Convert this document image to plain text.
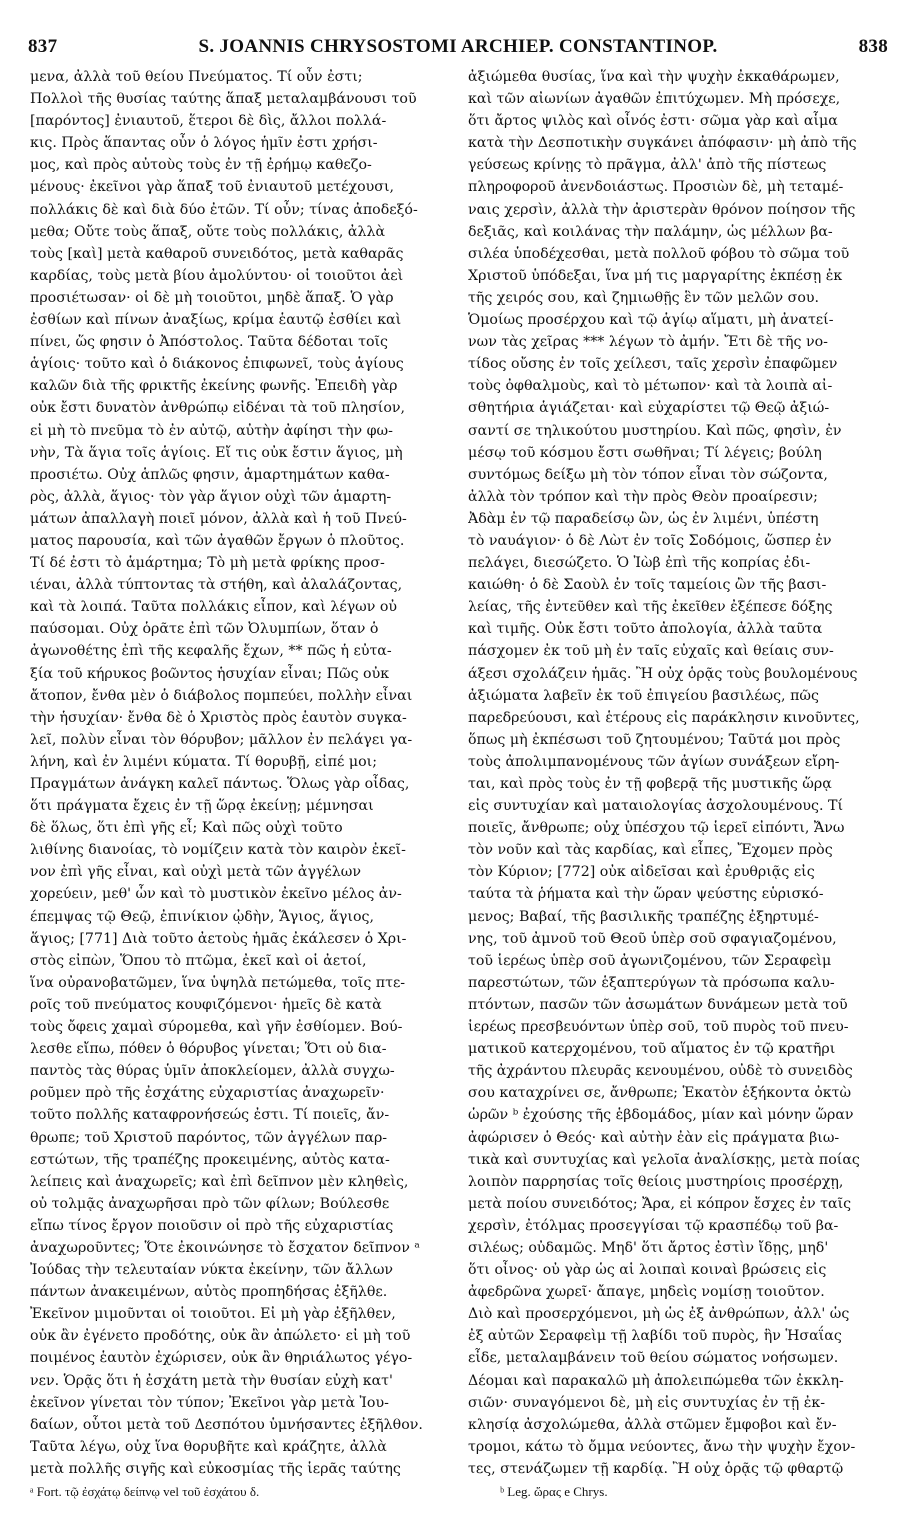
837	S. JOANNIS CHRYSOSTOMI ARCHIEP. CONSTANTINOP.	838
μενα, ἀλλὰ τοῦ θείου Πνεύματος. Τί οὖν ἐστι;
Πολλοὶ τῆς θυσίας ταύτης ἅπαξ μεταλαμβάνουσι τοῦ
[παρόντος] ἐνιαυτοῦ, ἕτεροι δὲ δὶς, ἄλλοι πολλά-
κις. Πρὸς ἅπαντας οὖν ὁ λόγος ἡμῖν ἐστι χρήσι-
μος, καὶ πρὸς αὐτοὺς τοὺς ἐν τῇ ἐρήμῳ καθεζο-
μένους· ἐκεῖνοι γὰρ ἅπαξ τοῦ ἐνιαυτοῦ μετέχουσι,
πολλάκις δὲ καὶ διὰ δύο ἐτῶν. Τί οὖν; τίνας ἀποδεξό-
μεθα; Οὔτε τοὺς ἅπαξ, οὔτε τοὺς πολλάκις, ἀλλὰ
τοὺς [καὶ] μετὰ καθαροῦ συνειδότος, μετὰ καθαρᾶς
καρδίας, τοὺς μετὰ βίου ἀμολύντου· οἱ τοιοῦτοι ἀεὶ
προσιέτωσαν· οἱ δὲ μὴ τοιοῦτοι, μηδὲ ἅπαξ. Ὁ γὰρ
ἐσθίων καὶ πίνων ἀναξίως, κρίμα ἑαυτῷ ἐσθίει καὶ
πίνει, ὥς φησιν ὁ Ἀπόστολος. Ταῦτα δέδοται τοῖς
ἁγίοις· τοῦτο καὶ ὁ διάκονος ἐπιφωνεῖ, τοὺς ἁγίους
καλῶν διὰ τῆς φρικτῆς ἐκείνης φωνῆς. Ἐπειδὴ γὰρ
οὐκ ἔστι δυνατὸν ἀνθρώπῳ εἰδέναι τὰ τοῦ πλησίον,
εἰ μὴ τὸ πνεῦμα τὸ ἐν αὐτῷ, αὐτὴν ἀφίησι τὴν φω-
νὴν, Τὰ ἅγια τοῖς ἁγίοις. Εἴ τις οὐκ ἔστιν ἅγιος, μὴ
προσιέτω. Οὐχ ἁπλῶς φησιν, ἁμαρτημάτων καθα-
ρὸς, ἀλλὰ, ἅγιος· τὸν γὰρ ἅγιον οὐχὶ τῶν ἁμαρτη-
μάτων ἀπαλλαγὴ ποιεῖ μόνον, ἀλλὰ καὶ ἡ τοῦ Πνεύ-
ματος παρουσία, καὶ τῶν ἀγαθῶν ἔργων ὁ πλοῦτος.
Τί δέ ἐστι τὸ ἁμάρτημα; Τὸ μὴ μετὰ φρίκης προσ-
ιέναι, ἀλλὰ τύπτοντας τὰ στήθη, καὶ ἀλαλάζοντας,
καὶ τὰ λοιπά. Ταῦτα πολλάκις εἶπον, καὶ λέγων οὐ
παύσομαι. Οὐχ ὁρᾶτε ἐπὶ τῶν Ὀλυμπίων, ὅταν ὁ
ἀγωνοθέτης ἐπὶ τῆς κεφαλῆς ἔχων, ** πῶς ἡ εὐτα-
ξία τοῦ κήρυκος βοῶντος ἡσυχίαν εἶναι; Πῶς οὐκ
ἄτοπον, ἔνθα μὲν ὁ διάβολος πομπεύει, πολλὴν εἶναι
τὴν ἡσυχίαν· ἔνθα δὲ ὁ Χριστὸς πρὸς ἑαυτὸν συγκα-
λεῖ, πολὺν εἶναι τὸν θόρυβον; μᾶλλον ἐν πελάγει γα-
λήνη, καὶ ἐν λιμένι κύματα. Τί θορυβῇ, εἰπέ μοι;
Πραγμάτων ἀνάγκη καλεῖ πάντως. Ὅλως γὰρ οἶδας,
ὅτι πράγματα ἔχεις ἐν τῇ ὥρᾳ ἐκείνῃ; μέμνησαι
δὲ ὅλως, ὅτι ἐπὶ γῆς εἶ; Καὶ πῶς οὐχὶ τοῦτο
λιθίνης διανοίας, τὸ νομίζειν κατὰ τὸν καιρὸν ἐκεῖ-
νον ἐπὶ γῆς εἶναι, καὶ οὐχὶ μετὰ τῶν ἀγγέλων
χορεύειν, μεθ' ὧν καὶ τὸ μυστικὸν ἐκεῖνο μέλος ἀν-
έπεμψας τῷ Θεῷ, ἐπινίκιον ᾠδὴν, Ἅγιος, ἅγιος,
ἅγιος; [771] Διὰ τοῦτο ἀετοὺς ἡμᾶς ἐκάλεσεν ὁ Χρι-
στὸς εἰπὼν, Ὅπου τὸ πτῶμα, ἐκεῖ καὶ οἱ ἀετοί,
ἵνα οὐρανοβατῶμεν, ἵνα ὑψηλὰ πετώμεθα, τοῖς πτε-
ροῖς τοῦ πνεύματος κουφιζόμενοι· ἡμεῖς δὲ κατὰ
τοὺς ὄφεις χαμαὶ σύρομεθα, καὶ γῆν ἐσθίομεν. Βού-
λεσθε εἴπω, πόθεν ὁ θόρυβος γίνεται; Ὅτι οὐ δια-
παντὸς τὰς θύρας ὑμῖν ἀποκλείομεν, ἀλλὰ συγχω-
ροῦμεν πρὸ τῆς ἐσχάτης εὐχαριστίας ἀναχωρεῖν·
τοῦτο πολλῆς καταφρονήσεώς ἐστι. Τί ποιεῖς, ἄν-
θρωπε; τοῦ Χριστοῦ παρόντος, τῶν ἀγγέλων παρ-
εστώτων, τῆς τραπέζης προκειμένης, αὐτὸς κατα-
λείπεις καὶ ἀναχωρεῖς; καὶ ἐπὶ δεῖπνον μὲν κληθεὶς,
οὐ τολμᾷς ἀναχωρῆσαι πρὸ τῶν φίλων; Βούλεσθε
εἴπω τίνος ἔργον ποιοῦσιν οἱ πρὸ τῆς εὐχαριστίας
ἀναχωροῦντες; Ὅτε ἐκοινώνησε τὸ ἔσχατον δεῖπνον ᵃ
Ἰούδας τὴν τελευταίαν νύκτα ἐκείνην, τῶν ἄλλων
πάντων ἀνακειμένων, αὐτὸς προπηδήσας ἐξῆλθε.
Ἐκεῖνον μιμοῦνται οἱ τοιοῦτοι. Εἰ μὴ γὰρ ἐξῆλθεν,
οὐκ ἂν ἐγένετο προδότης, οὐκ ἂν ἀπώλετο· εἰ μὴ τοῦ
ποιμένος ἑαυτὸν ἐχώρισεν, οὐκ ἂν θηριάλωτος γέγο-
νεν. Ὁρᾷς ὅτι ἡ ἐσχάτη μετὰ τὴν θυσίαν εὐχὴ κατ'
ἐκεῖνον γίνεται τὸν τύπον; Ἐκεῖνοι γὰρ μετὰ Ἰου-
δαίων, οὗτοι μετὰ τοῦ Δεσπότου ὑμνήσαντες ἐξῆλθον.
Ταῦτα λέγω, οὐχ ἵνα θορυβῆτε καὶ κράζητε, ἀλλὰ
μετὰ πολλῆς σιγῆς καὶ εὐκοσμίας τῆς ἱερᾶς ταύτης
ἀξιώμεθα θυσίας, ἵνα καὶ τὴν ψυχὴν ἐκκαθάρωμεν,
καὶ τῶν αἰωνίων ἀγαθῶν ἐπιτύχωμεν. Μὴ πρόσεχε,
ὅτι ἄρτος ψιλὸς καὶ οἶνός ἐστι· σῶμα γὰρ καὶ αἷμα
κατὰ τὴν Δεσποτικὴν συγκάνει ἀπόφασιν· μὴ ἀπὸ τῆς
γεύσεως κρίνῃς τὸ πρᾶγμα, ἀλλ' ἀπὸ τῆς πίστεως
πληροφοροῦ ἀνενδοιάστως. Προσιὼν δὲ, μὴ τεταμέ-
ναις χερσὶν, ἀλλὰ τὴν ἀριστερὰν θρόνον ποίησον τῆς
δεξιᾶς, καὶ κοιλάνας τὴν παλάμην, ὡς μέλλων βα-
σιλέα ὑποδέχεσθαι, μετὰ πολλοῦ φόβου τὸ σῶμα τοῦ
Χριστοῦ ὑπόδεξαι, ἵνα μή τις μαργαρίτης ἐκπέσῃ ἐκ
τῆς χειρός σου, καὶ ζημιωθῇς ἓν τῶν μελῶν σου.
Ὁμοίως προσέρχου καὶ τῷ ἁγίῳ αἵματι, μὴ ἀνατεί-
νων τὰς χεῖρας *** λέγων τὸ ἀμήν. Ἔτι δὲ τῆς νο-
τίδος οὔσης ἐν τοῖς χείλεσι, ταῖς χερσὶν ἐπαφῶμεν
τοὺς ὀφθαλμοὺς, καὶ τὸ μέτωπον· καὶ τὰ λοιπὰ αἰ-
σθητήρια ἁγιάζεται· καὶ εὐχαρίστει τῷ Θεῷ ἀξιώ-
σαντί σε τηλικούτου μυστηρίου. Καὶ πῶς, φησὶν, ἐν
μέσῳ τοῦ κόσμου ἔστι σωθῆναι; Τί λέγεις; βούλη
συντόμως δείξω μὴ τὸν τόπον εἶναι τὸν σώζοντα,
ἀλλὰ τὸν τρόπον καὶ τὴν πρὸς Θεὸν προαίρεσιν;
Ἀδὰμ ἐν τῷ παραδείσῳ ὢν, ὡς ἐν λιμένι, ὑπέστη
τὸ ναυάγιον· ὁ δὲ Λὼτ ἐν τοῖς Σοδόμοις, ὥσπερ ἐν
πελάγει, διεσώζετο. Ὁ Ἰὼβ ἐπὶ τῆς κοπρίας ἐδι-
καιώθη· ὁ δὲ Σαοὺλ ἐν τοῖς ταμείοις ὢν τῆς βασι-
λείας, τῆς ἐντεῦθεν καὶ τῆς ἐκεῖθεν ἐξέπεσε δόξης
καὶ τιμῆς. Οὐκ ἔστι τοῦτο ἀπολογία, ἀλλὰ ταῦτα
πάσχομεν ἐκ τοῦ μὴ ἐν ταῖς εὐχαῖς καὶ θείαις συν-
άξεσι σχολάζειν ἡμᾶς. Ἢ οὐχ ὁρᾷς τοὺς βουλομένους
ἀξιώματα λαβεῖν ἐκ τοῦ ἐπιγείου βασιλέως, πῶς
παρεδρεύουσι, καὶ ἑτέρους εἰς παράκλησιν κινοῦντες,
ὅπως μὴ ἐκπέσωσι τοῦ ζητουμένου; Ταῦτά μοι πρὸς
τοὺς ἀπολιμπανομένους τῶν ἁγίων συνάξεων εἴρη-
ται, καὶ πρὸς τοὺς ἐν τῇ φοβερᾷ τῆς μυστικῆς ὥρᾳ
εἰς συντυχίαν καὶ ματαιολογίας ἀσχολουμένους. Τί
ποιεῖς, ἄνθρωπε; οὐχ ὑπέσχου τῷ ἱερεῖ εἰπόντι, Ἄνω
τὸν νοῦν καὶ τὰς καρδίας, καὶ εἶπες, Ἔχομεν πρὸς
τὸν Κύριον; [772] οὐκ αἰδεῖσαι καὶ ἐρυθριᾷς εἰς
ταύτα τὰ ῥήματα καὶ τὴν ὥραν ψεύστης εὑρισκό-
μενος; Βαβαί, τῆς βασιλικῆς τραπέζης ἐξηρτυμέ-
νης, τοῦ ἀμνοῦ τοῦ Θεοῦ ὑπὲρ σοῦ σφαγιαζομένου,
τοῦ ἱερέως ὑπὲρ σοῦ ἀγωνιζομένου, τῶν Σεραφεὶμ
παρεστώτων, τῶν ἑξαπτερύγων τὰ πρόσωπα καλυ-
πτόντων, πασῶν τῶν ἀσωμάτων δυνάμεων μετὰ τοῦ
ἱερέως πρεσβευόντων ὑπὲρ σοῦ, τοῦ πυρὸς τοῦ πνευ-
ματικοῦ κατερχομένου, τοῦ αἵματος ἐν τῷ κρατῆρι
τῆς ἀχράντου πλευρᾶς κενουμένου, οὐδὲ τὸ συνειδὸς
σου καταχρίνει σε, ἄνθρωπε; Ἑκατὸν ἑξήκοντα ὀκτὼ
ὡρῶν ᵇ ἐχούσης τῆς ἑβδομάδος, μίαν καὶ μόνην ὥραν
ἀφώρισεν ὁ Θεός· καὶ αὐτὴν ἐὰν εἰς πράγματα βιω-
τικὰ καὶ συντυχίας καὶ γελοῖα ἀναλίσκῃς, μετὰ ποίας
λοιπὸν παρρησίας τοῖς θείοις μυστηρίοις προσέρχῃ,
μετὰ ποίου συνειδότος; Ἄρα, εἰ κόπρον ἔσχες ἐν ταῖς
χερσὶν, ἐτόλμας προσεγγίσαι τῷ κρασπέδῳ τοῦ βα-
σιλέως; οὐδαμῶς. Μηδ' ὅτι ἄρτος ἐστὶν ἴδῃς, μηδ'
ὅτι οἶνος· οὐ γὰρ ὡς αἱ λοιπαὶ κοιναὶ βρώσεις εἰς
ἀφεδρῶνα χωρεῖ· ἄπαγε, μηδεὶς νομίσῃ τοιοῦτον.
Διὸ καὶ προσερχόμενοι, μὴ ὡς ἐξ ἀνθρώπων, ἀλλ' ὡς
ἐξ αὐτῶν Σεραφεὶμ τῇ λαβίδι τοῦ πυρὸς, ἣν Ἡσαΐας
εἶδε, μεταλαμβάνειν τοῦ θείου σώματος νοήσωμεν.
Δέομαι καὶ παρακαλῶ μὴ ἀπολειπώμεθα τῶν ἐκκλη-
σιῶν· συναγόμενοι δὲ, μὴ εἰς συντυχίας ἐν τῇ ἐκ-
κλησίᾳ ἀσχολώμεθα, ἀλλὰ στῶμεν ἔμφοβοι καὶ ἔν-
τρομοι, κάτω τὸ ὄμμα νεύοντες, ἄνω τὴν ψυχὴν ἔχον-
τες, στενάζωμεν τῇ καρδίᾳ. Ἢ οὐχ ὁρᾷς τῷ φθαρτῷ
ᵃ Fort. τῷ ἐσχάτῳ δείπνῳ vel τοῦ ἐσχάτου δ.	ᵇ Leg. ὥρας e Chrys.
